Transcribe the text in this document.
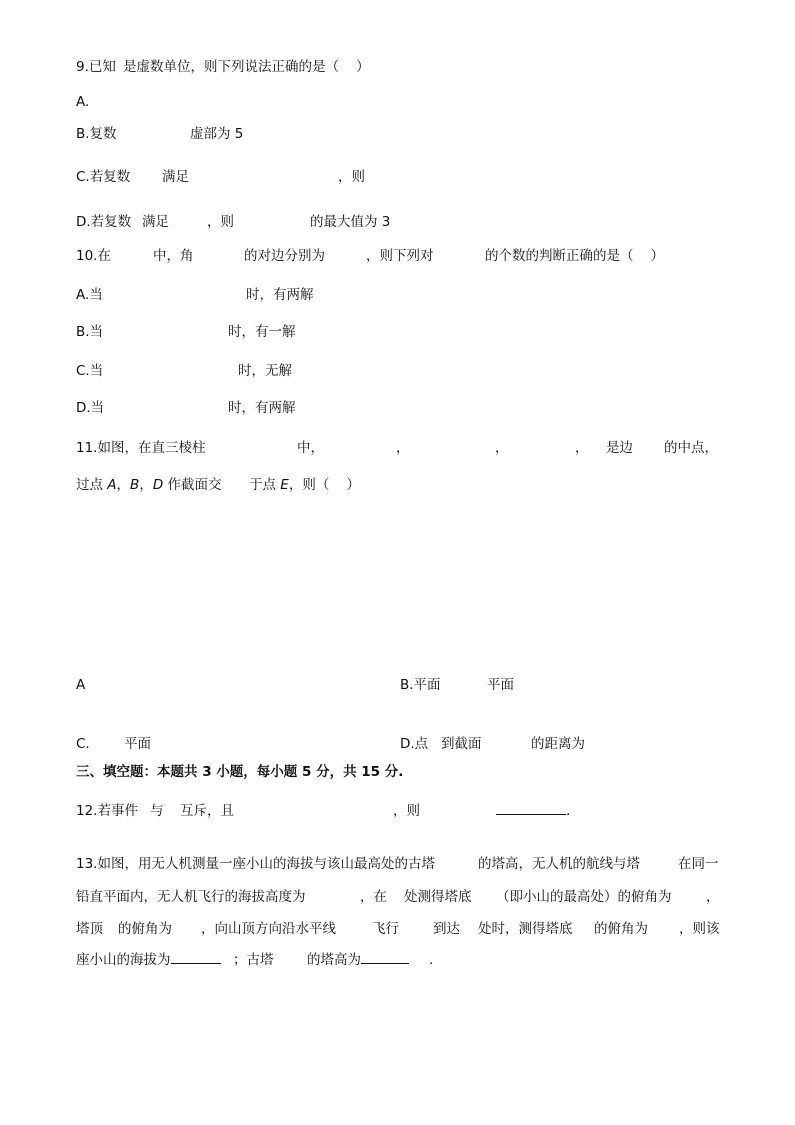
9.已知 是虚数单位，则下列说法正确的是（    ）
A.
B.复数	虚部为 5
C.若复数 满足	，则
D.若复数 满足	，则	的最大值为 3
10.在	中，角	的对边分别为	，则下列对	的个数的判断正确的是（    ）
A.当	时，有两解
B.当	时，有一解
C.当	时，无解
D.当	时，有两解
11.如图，在直三棱柱	中，	，	，	， 是边 的中点，
过点 A，B，D 作截面交 于点 E，则（    ）
A	B.平面	平面
C.	平面	D.点 到截面	的距离为
三、填空题：本题共 3 小题，每小题 5 分，共 15 分.
12.若事件 与 互斥，且	，则	.
13.如图，用无人机测量一座小山的海拔与该山最高处的古塔	的塔高，无人机的航线与塔	在同一
铅直平面内，无人机飞行的海拔高度为	，在 处测得塔底 （即小山的最高处）的俯角为	，
塔顶 的俯角为 ，向山顶方向沿水平线	飞行	到达 处时，测得塔底 的俯角为 ，则该
座小山的海拔为	；古塔 的塔高为	.
